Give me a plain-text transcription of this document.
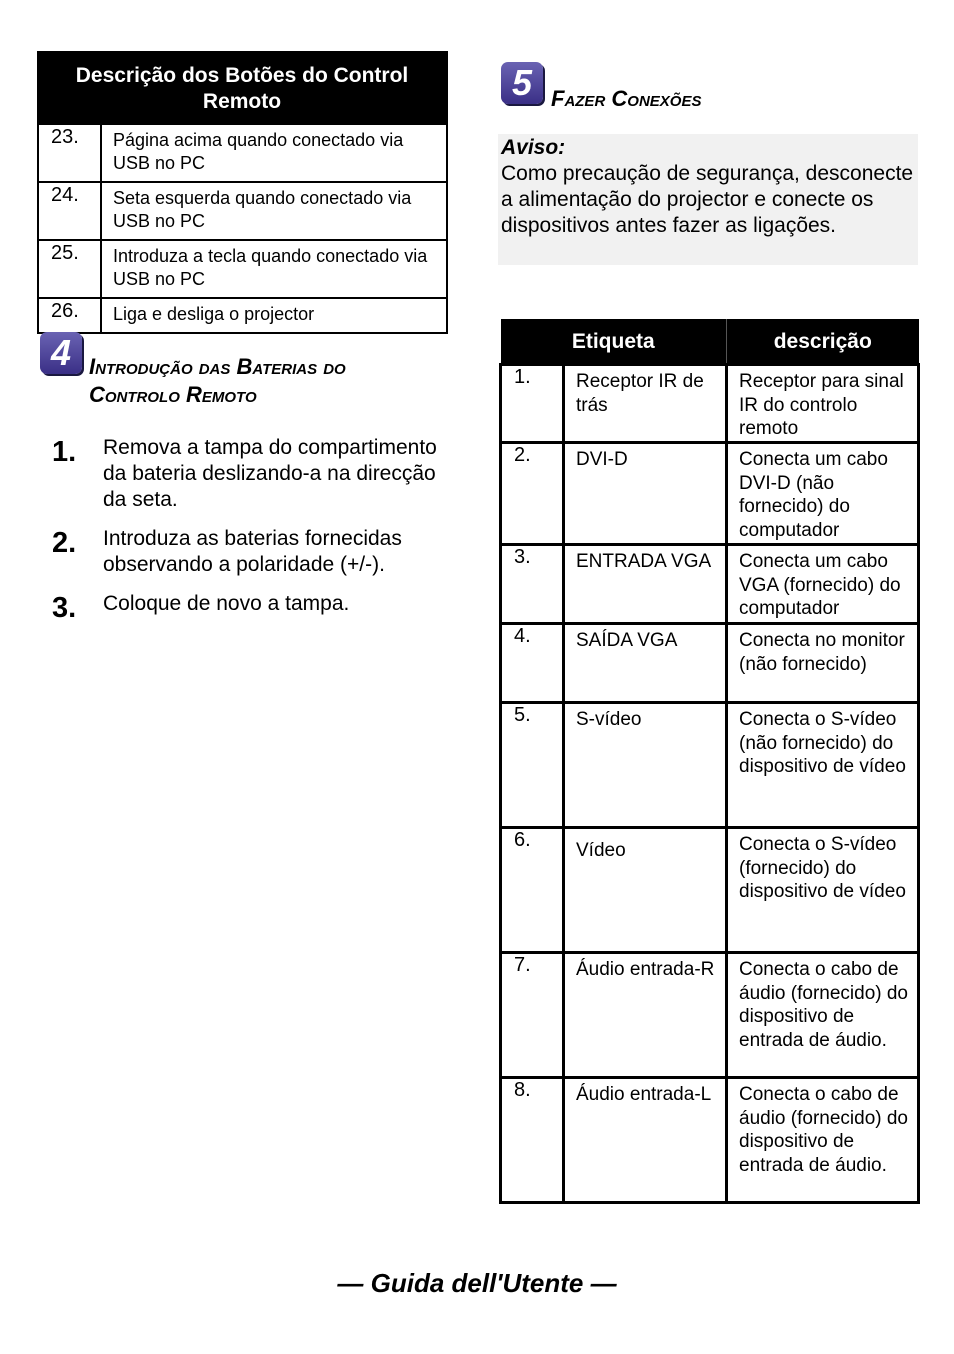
Descrição dos Botões do Control Remoto	
23.	Página acima quando conectado via USB no PC
24.	Seta esquerda quando conectado via USB no PC
25.	Introduza a tecla quando conectado via USB no PC
26.	Liga e desliga o projector
4 Introdução das Baterias do
Controlo Remoto
1. Remova a tampa do compartimento da bateria deslizando-a na direcção da seta.
2. Introduza as baterias fornecidas observando a polaridade (+/-).
3. Coloque de novo a tampa.
5 Fazer Conexões
Aviso:
Como precaução de segurança, desconecte a alimentação do projector e conecte os dispositivos antes fazer as ligações.
Etiqueta		descrição
1.	Receptor IR de trás	Receptor para sinal IR do controlo remoto
2.	DVI-D	Conecta um cabo DVI-D (não fornecido) do computador
3.	ENTRADA VGA	Conecta um cabo VGA (fornecido) do computador
4.	SAÍDA VGA	Conecta no monitor (não fornecido)
5.	S-vídeo	Conecta o S-vídeo (não fornecido) do dispositivo de vídeo
6.	Vídeo	Conecta o S-vídeo (fornecido) do dispositivo de vídeo
7.	Áudio entrada-R	Conecta o cabo de áudio (fornecido) do dispositivo de entrada de áudio.
8.	Áudio entrada-L	Conecta o cabo de áudio (fornecido) do dispositivo de entrada de áudio.
— Guida dell'Utente —
